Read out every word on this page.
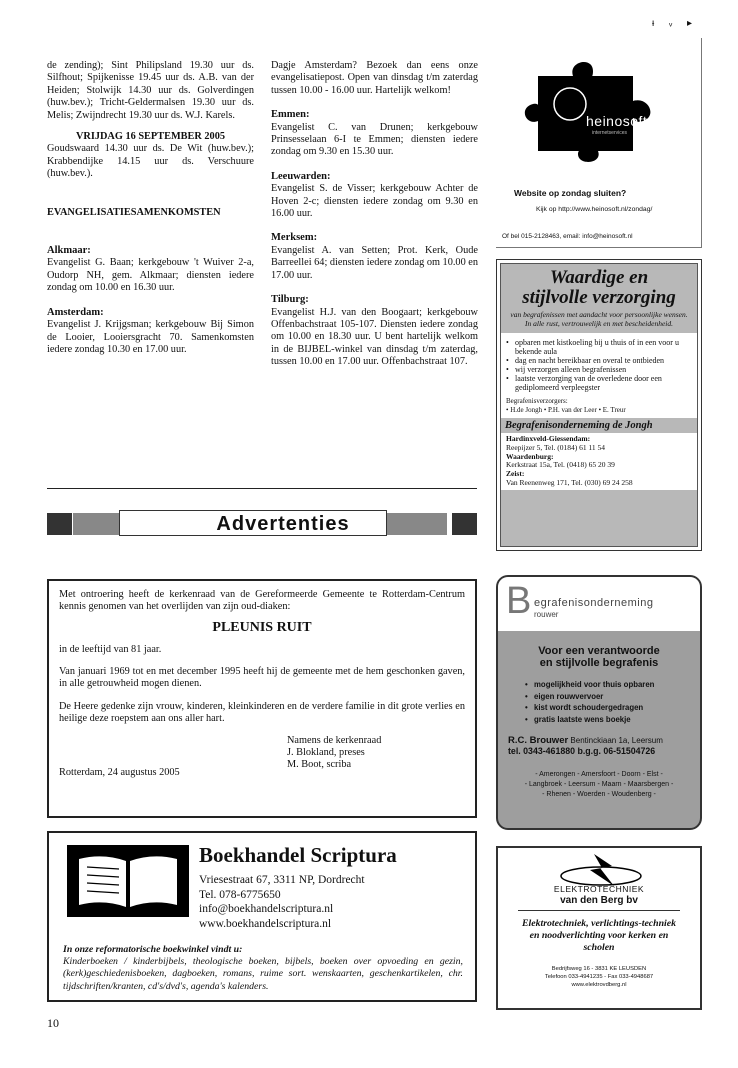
ᵻ ᵥ ▸

de zending); Sint Philipsland 19.30 uur ds. Silfhout; Spijkenisse 19.45 uur ds. A.B. van der Heiden; Stolwijk 14.30 uur ds. Golverdingen (huw.bev.); Tricht-Geldermalsen 19.30 uur ds. Melis; Zwijndrecht 19.30 uur ds. W.J. Karels.

VRIJDAG 16 SEPTEMBER 2005

Goudswaard 14.30 uur ds. De Wit (huw.bev.); Krabbendijke 14.15 uur ds. Verschuure (huw.bev.).

EVANGELISATIESAMENKOMSTEN
Alkmaar:
Evangelist G. Baan; kerkgebouw 't Wuiver 2-a, Oudorp NH, gem. Alkmaar; diensten iedere zondag om 10.00 en 16.30 uur.
Amsterdam:
Evangelist J. Krijgsman; kerkgebouw Bij Simon de Looier, Looiersgracht 70. Samenkomsten iedere zondag 10.30 en 17.00 uur.

Dagje Amsterdam? Bezoek dan eens onze evangelisatiepost. Open van dinsdag t/m zaterdag tussen 10.00 - 16.00 uur. Hartelijk welkom!

Emmen:
Evangelist C. van Drunen; kerkgebouw Prinsesselaan 6-I te Emmen; diensten iedere zondag om 9.30 en 15.30 uur.
Leeuwarden:
Evangelist S. de Visser; kerkgebouw Achter de Hoven 2-c; diensten iedere zondag om 9.30 en 16.00 uur.
Merksem:
Evangelist A. van Setten; Prot. Kerk, Oude Barreellei 64; diensten iedere zondag om 10.00 en 17.00 uur.
Tilburg:
Evangelist H.J. van den Boogaart; kerkgebouw Offenbachstraat 105-107. Diensten iedere zondag om 10.00 en 18.30 uur. U bent hartelijk welkom in de BIJBEL-winkel van dinsdag t/m zaterdag, tussen 10.00 en 17.00 uur. Offenbachstraat 107.
heinosoft
internetservices
Website op zondag sluiten?
Kijk op http://www.heinosoft.nl/zondag/
Of bel 015-2128463, email: info@heinosoft.nl
Waardige en
stijlvolle verzorging
van begrafenissen met aandacht voor persoonlijke wensen. In alle rust, vertrouwelijk en met bescheidenheid.
• opbaren met kistkoeling bij u thuis of in een voor u bekende aula
• dag en nacht bereikbaar en overal te ontbieden
• wij verzorgen alleen begrafenissen
• laatste verzorging van de overledene door een gediplomeerd verpleegster
Begrafenisverzorgers:
• H.de Jongh • P.H. van der Leer • E. Treur
Begrafenisonderneming de Jongh
Hardinxveld-Giessendam:
Reepijzer 5, Tel. (0184) 61 11 54
Waardenburg:
Kerkstraat 15a, Tel. (0418) 65 20 39
Zeist:
Van Reenenweg 171, Tel. (030) 69 24 258
Advertenties
Met ontroering heeft de kerkenraad van de Gereformeerde Gemeente te Rotterdam-Centrum kennis genomen van het overlijden van zijn oud-diaken:
PLEUNIS RUIT
in de leeftijd van 81 jaar.
Van januari 1969 tot en met december 1995 heeft hij de gemeente met de hem geschonken gaven, in alle getrouwheid mogen dienen.
De Heere gedenke zijn vrouw, kinderen, kleinkinderen en de verdere familie in dit grote verlies en heilige deze roepstem aan ons aller hart.
Namens de kerkenraad
J. Blokland, preses
M. Boot, scriba
Rotterdam, 24 augustus 2005
B egrafenisonderneming
rouwer
Voor een verantwoorde
en stijlvolle begrafenis
• mogelijkheid voor thuis opbaren
• eigen rouwvervoer
• kist wordt schoudergedragen
• gratis laatste wens boekje
R.C. Brouwer Bentinckiaan 1a, Leersum
tel. 0343-461880 b.g.g. 06-51504726
- Amerongen - Amersfoort - Doorn - Elst -
- Langbroek - Leersum - Maarn - Maarsbergen -
- Rhenen - Woerden - Woudenberg -
Boekhandel Scriptura
Vriesestraat 67, 3311 NP, Dordrecht
Tel. 078-6775650
info@boekhandelscriptura.nl
www.boekhandelscriptura.nl
In onze reformatorische boekwinkel vindt u:
Kinderboeken / kinderbijbels, theologische boeken, bijbels, boeken over opvoeding en gezin, (kerk)geschiedenisboeken, dagboeken, romans, ruime sort. wenskaarten, geschenkartikelen, chr. tijdschriften/kranten, cd's/dvd's, agenda's kalenders.
ELEKTROTECHNIEK
van den Berg bv
Elektrotechniek, verlichtings-techniek en noodverlichting voor kerken en scholen
Bedrijfsweg 16 - 3831 KE LEUSDEN
Telefoon 033-4941235 - Fax 033-4948687
www.elektrovdberg.nl
10
